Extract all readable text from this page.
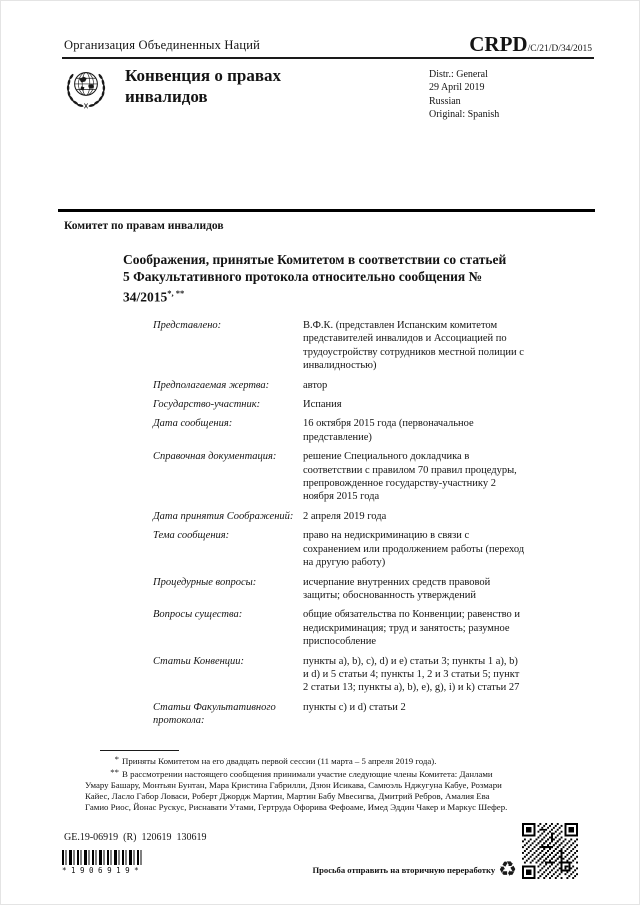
Организация Объединенных Наций	CRPD /C/21/D/34/2015
Конвенция о правах инвалидов
Distr.: General
29 April 2019
Russian
Original: Spanish
Комитет по правам инвалидов
Соображения, принятые Комитетом в соответствии со статьей 5 Факультативного протокола относительно сообщения № 34/2015*, **
Представлено:	В.Ф.К. (представлен Испанским комитетом представителей инвалидов и Ассоциацией по трудоустройству сотрудников местной полиции с инвалидностью)
Предполагаемая жертва:	автор
Государство-участник:	Испания
Дата сообщения:	16 октября 2015 года (первоначальное представление)
Справочная документация:	решение Специального докладчика в соответствии с правилом 70 правил процедуры, препровожденное государству-участнику 2 ноября 2015 года
Дата принятия Соображений: 2 апреля 2019 года
Тема сообщения:	право на недискриминацию в связи с сохранением или продолжением работы (переход на другую работу)
Процедурные вопросы:	исчерпание внутренних средств правовой защиты; обоснованность утверждений
Вопросы существа:	общие обязательства по Конвенции; равенство и недискриминация; труд и занятость; разумное приспособление
Статьи Конвенции:	пункты a), b), c), d) и e) статьи 3; пункты 1 a), b) и d) и 5 статьи 4; пункты 1, 2 и 3 статьи 5; пункт 2 статьи 13; пункты a), b), e), g), i) и k) статьи 27
Статьи Факультативного протокола:
пункты c) и d) статьи 2
* Приняты Комитетом на его двадцать первой сессии (11 марта – 5 апреля 2019 года).
** В рассмотрении настоящего сообщения принимали участие следующие члены Комитета: Данлами Умару Башару, Монтьян Бунтан, Мара Кристина Габрилли, Дзюн Исикава, Самюэль Нджугуна Кабуе, Розмари Кайес, Ласло Габор Ловаси, Роберт Джордж Мартин, Мартин Бабу Мвесигва, Дмитрий Ребров, Амалия Ева Гамио Риос, Йонас Рускус, Риснавати Утами, Гертруда Офорива Фефоаме, Имед Эддин Чакер и Маркус Шефер.
GE.19-06919  (R)  120619  130619
*1906919*	Просьба отправить на вторичную переработку ♻
